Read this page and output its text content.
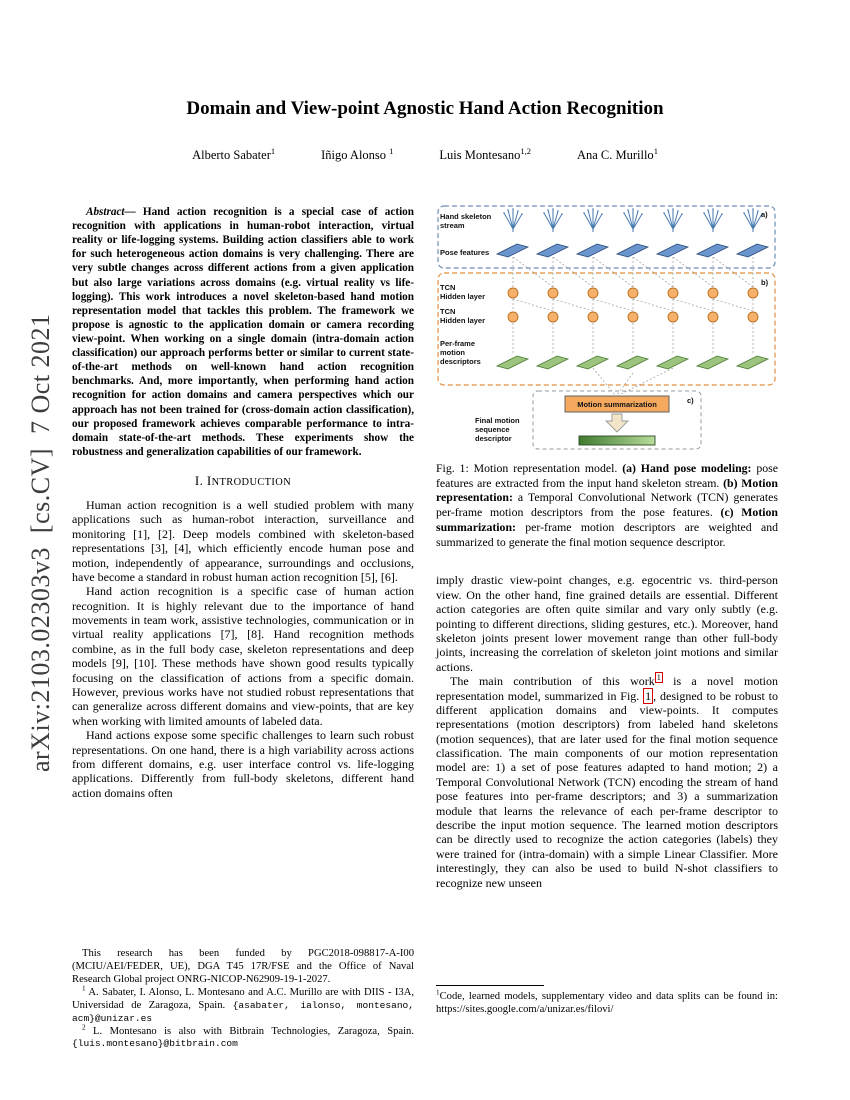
arXiv:2103.02303v3  [cs.CV]  7 Oct 2021
Domain and View-point Agnostic Hand Action Recognition
Alberto Sabater$^1$	Iñigo Alonso $^1$	Luis Montesano$^{1,2}$	Ana C. Murillo$^1$

Abstract— Hand action recognition is a special case of action recognition with applications in human-robot interaction, virtual reality or life-logging systems. Building action classifiers able to work for such heterogeneous action domains is very challenging. There are very subtle changes across different actions from a given application but also large variations across domains (e.g. virtual reality vs life-logging). This work introduces a novel skeleton-based hand motion representation model that tackles this problem. The framework we propose is agnostic to the application domain or camera recording view-point. When working on a single domain (intra-domain action classification) our approach performs better or similar to current state-of-the-art methods on well-known hand action recognition benchmarks. And, more importantly, when performing hand action recognition for action domains and camera perspectives which our approach has not been trained for (cross-domain action classification), our proposed framework achieves comparable performance to intra-domain state-of-the-art methods. These experiments show the robustness and generalization capabilities of our framework.

I. INTRODUCTION

Human action recognition is a well studied problem with many applications such as human-robot interaction, surveillance and monitoring [1], [2]. Deep models combined with skeleton-based representations [3], [4], which efficiently encode human pose and motion, independently of appearance, surroundings and occlusions, have become a standard in robust human action recognition [5], [6].

Hand action recognition is a specific case of human action recognition. It is highly relevant due to the importance of hand movements in team work, assistive technologies, communication or in virtual reality applications [7], [8]. Hand recognition methods combine, as in the full body case, skeleton representations and deep models [9], [10]. These methods have shown good results typically focusing on the classification of actions from a specific domain. However, previous works have not studied robust representations that can generalize across different domains and view-points, that are key when working with limited amounts of labeled data.

Hand actions expose some specific challenges to learn such robust representations. On one hand, there is a high variability across actions from different domains, e.g. user interface control vs. life-logging applications. Differently from full-body skeletons, different hand action domains often

This research has been funded by PGC2018-098817-A-I00 (MCIU/AEI/FEDER, UE), DGA T45 17R/FSE and the Office of Naval Research Global project ONRG-NICOP-N62909-19-1-2027.

$^1$ A. Sabater, I. Alonso, L. Montesano and A.C. Murillo are with DIIS - I3A, Universidad de Zaragoza, Spain. {asabater, ialonso, montesano, acm}@unizar.es

$^2$ L. Montesano is also with Bitbrain Technologies, Zaragoza, Spain. {luis.montesano}@bitbrain.com

Hand skeleton
stream
Pose features
a)
TCN
Hidden layer
TCN
Hidden layer
Per-frame
motion
descriptors
b)
Motion summarization	c)
Final motion
sequence
descriptor
Fig. 1: Motion representation model. (a) Hand pose modeling: pose features are extracted from the input hand skeleton stream. (b) Motion representation: a Temporal Convolutional Network (TCN) generates per-frame motion descriptors from the pose features. (c) Motion summarization: per-frame motion descriptors are weighted and summarized to generate the final motion sequence descriptor.

imply drastic view-point changes, e.g. egocentric vs. third-person view. On the other hand, fine grained details are essential. Different action categories are often quite similar and vary only subtly (e.g. pointing to different directions, sliding gestures, etc.). Moreover, hand skeleton joints present lower movement range than other full-body joints, increasing the correlation of skeleton joint motions and similar actions.

The main contribution of this work $^1$ is a novel motion representation model, summarized in Fig. 1 , designed to be robust to different application domains and view-points. It computes representations (motion descriptors) from labeled hand skeletons (motion sequences), that are later used for the final motion sequence classification. The main components of our motion representation model are: 1) a set of pose features adapted to hand motion; 2) a Temporal Convolutional Network (TCN) encoding the stream of hand pose features into per-frame descriptors; and 3) a summarization module that learns the relevance of each per-frame descriptor to describe the input motion sequence. The learned motion descriptors can be directly used to recognize the action categories (labels) they were trained for (intra-domain) with a simple Linear Classifier. More interestingly, they can also be used to build N-shot classifiers to recognize new unseen

$^1$Code, learned models, supplementary video and data splits can be found in: https://sites.google.com/a/unizar.es/filovi/
